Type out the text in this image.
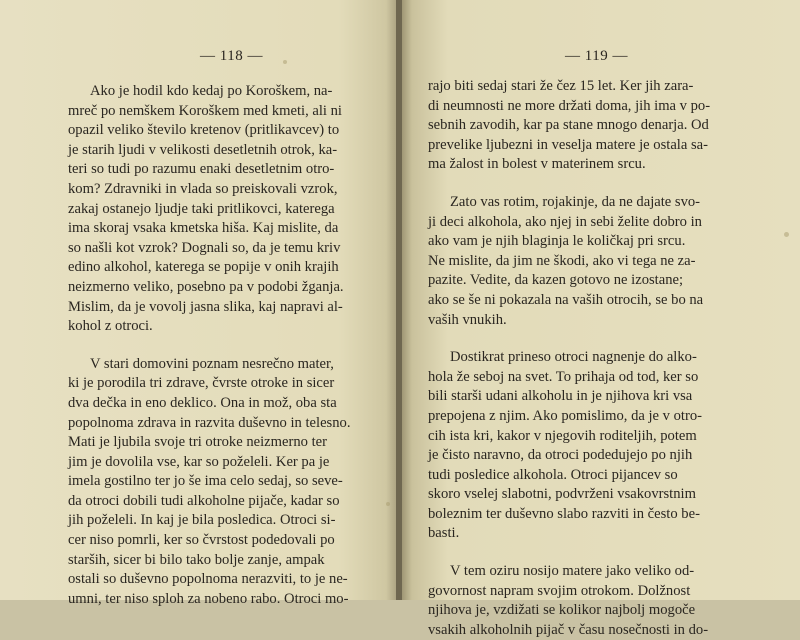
— 118 —
Ako je hodil kdo kedaj po Koroškem, na-
mreč po nemškem Koroškem med kmeti, ali ni
opazil veliko število kretenov (pritlikavcev) to
je starih ljudi v velikosti desetletnih otrok, ka-
teri so tudi po razumu enaki desetletnim otro-
kom? Zdravniki in vlada so preiskovali vzrok,
zakaj ostanejo ljudje taki pritlikovci, katerega
ima skoraj vsaka kmetska hiša. Kaj mislite, da
so našli kot vzrok? Dognali so, da je temu kriv
edino alkohol, katerega se popije v onih krajih
neizmerno veliko, posebno pa v podobi žganja.
Mislim, da je vovolj jasna slika, kaj napravi al-
kohol z otroci.
V stari domovini poznam nesrečno mater,
ki je porodila tri zdrave, čvrste otroke in sicer
dva dečka in eno deklico. Ona in mož, oba sta
popolnoma zdrava in razvita duševno in telesno.
Mati je ljubila svoje tri otroke neizmerno ter
jim je dovolila vse, kar so poželeli. Ker pa je
imela gostilno ter jo še ima celo sedaj, so seve-
da otroci dobili tudi alkoholne pijače, kadar so
jih poželeli. In kaj je bila posledica. Otroci si-
cer niso pomrli, ker so čvrstost podedovali po
starših, sicer bi bilo tako bolje zanje, ampak
ostali so duševno popolnoma nerazviti, to je ne-
umni, ter niso sploh za nobeno rabo. Otroci mo-
— 119 —
rajo biti sedaj stari že čez 15 let. Ker jih zara-
di neumnosti ne more držati doma, jih ima v po-
sebnih zavodih, kar pa stane mnogo denarja. Od
prevelike ljubezni in veselja matere je ostala sa-
ma žalost in bolest v materinem srcu.
Zato vas rotim, rojakinje, da ne dajate svo-
ji deci alkohola, ako njej in sebi želite dobro in
ako vam je njih blaginja le količkaj pri srcu.
Ne mislite, da jim ne škodi, ako vi tega ne za-
pazite. Vedite, da kazen gotovo ne izostane;
ako se še ni pokazala na vaših otrocih, se bo na
vaših vnukih.
Dostikrat prineso otroci nagnenje do alko-
hola že seboj na svet. To prihaja od tod, ker so
bili starši udani alkoholu in je njihova kri vsa
prepojena z njim. Ako pomislimo, da je v otro-
cih ista kri, kakor v njegovih roditeljih, potem
je čisto naravno, da otroci podedujejo po njih
tudi posledice alkohola. Otroci pijancev so
skoro vselej slabotni, podvrženi vsakovrstnim
boleznim ter duševno slabo razviti in često be-
basti.
V tem oziru nosijo matere jako veliko od-
govornost napram svojim otrokom. Dolžnost
njihova je, vzdižati se kolikor najbolj mogoče
vsakih alkoholnih pijač v času nosečnosti in do-
